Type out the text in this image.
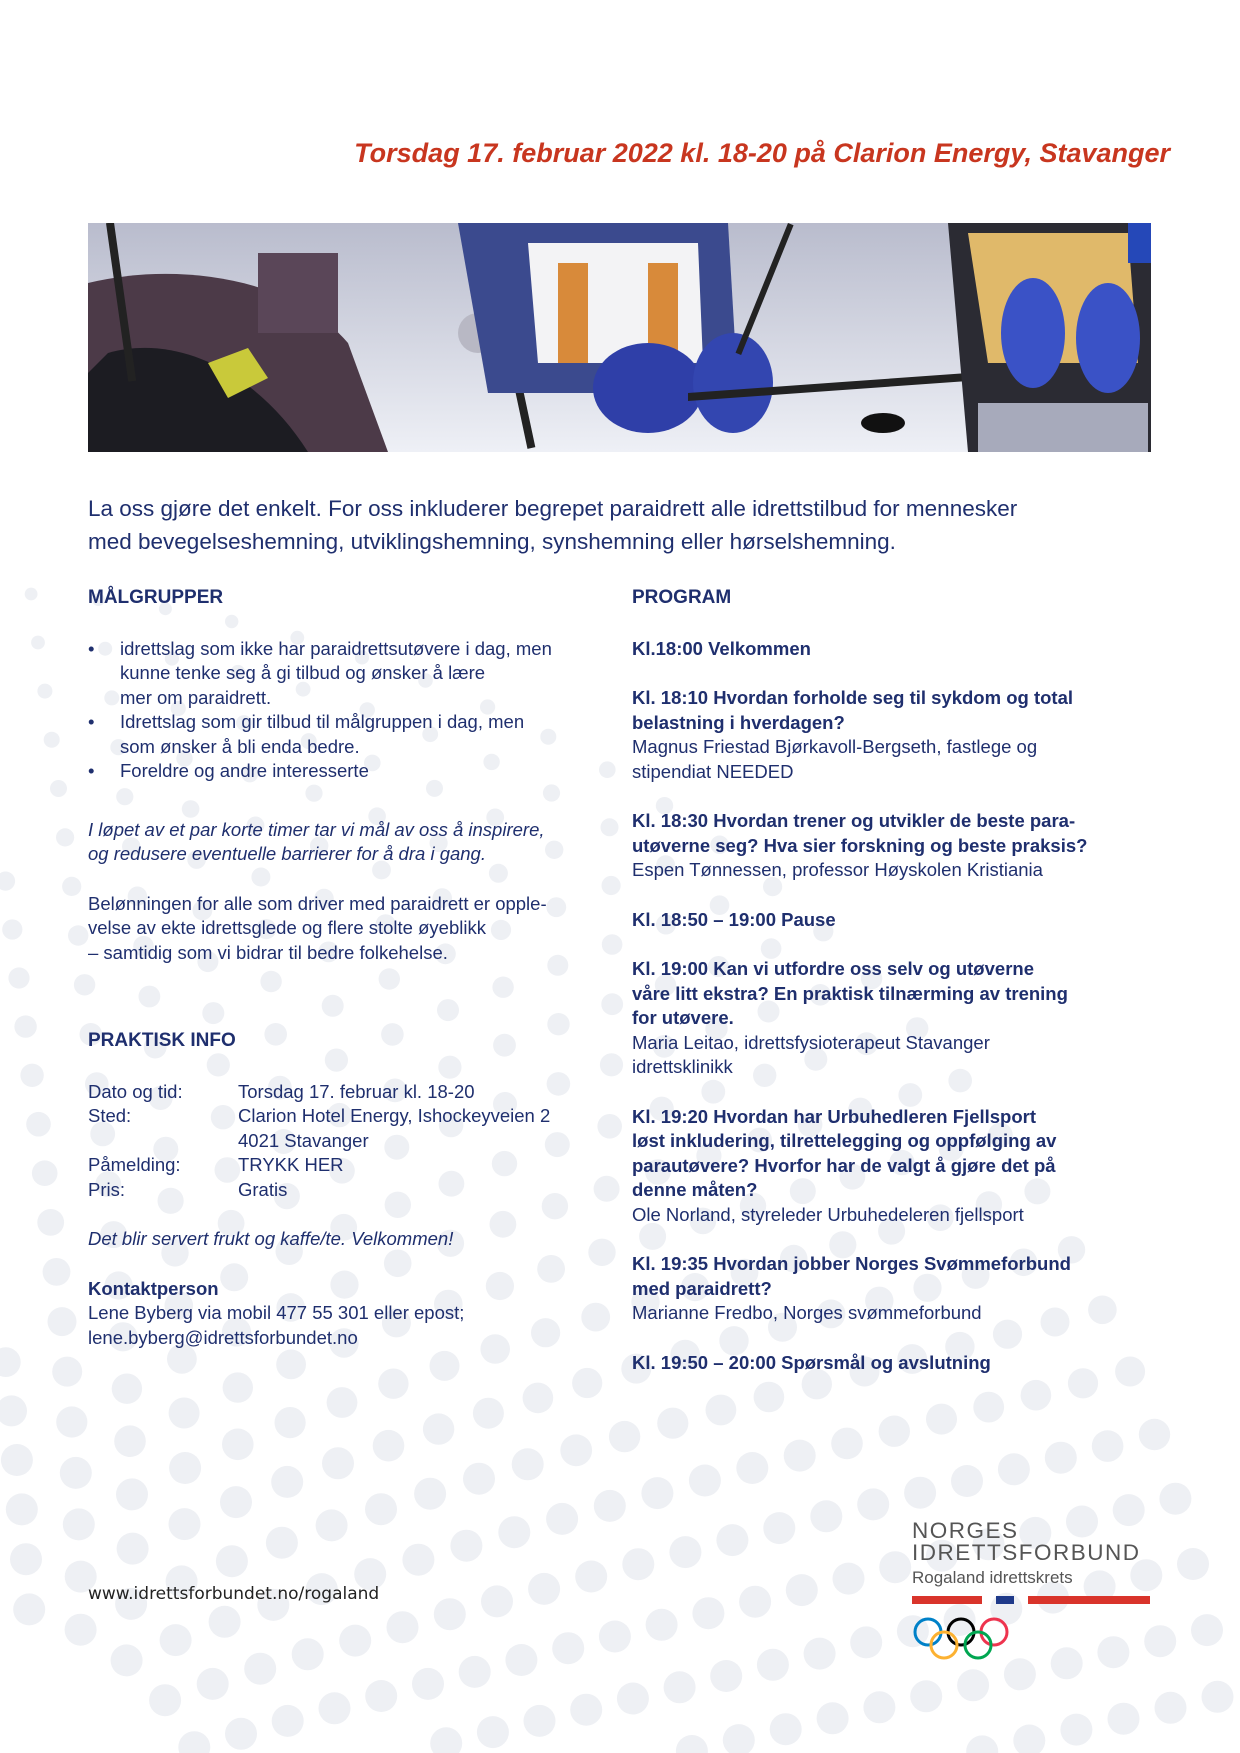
Torsdag 17. februar 2022 kl. 18-20 på Clarion Energy, Stavanger
La oss gjøre det enkelt. For oss inkluderer begrepet paraidrett alle idrettstilbud for mennesker
med bevegelseshemning, utviklingshemning, synshemning eller hørselshemning.
MÅLGRUPPER
• idrettslag som ikke har paraidrettsutøvere i dag, men
kunne tenke seg å gi tilbud og ønsker å lære
mer om paraidrett.
• Idrettslag som gir tilbud til målgruppen i dag, men
som ønsker å bli enda bedre.
• Foreldre og andre interesserte
I løpet av et par korte timer tar vi mål av oss å inspirere,
og redusere eventuelle barrierer for å dra i gang.
Belønningen for alle som driver med paraidrett er opple-
velse av ekte idrettsglede og flere stolte øyeblikk
– samtidig som vi bidrar til bedre folkehelse.
PRAKTISK INFO
Dato og tid:	Torsdag 17. februar kl. 18-20
Sted:	Clarion Hotel Energy, Ishockeyveien 2
4021 Stavanger
Påmelding:	TRYKK HER
Pris:	Gratis
Det blir servert frukt og kaffe/te. Velkommen!
Kontaktperson
Lene Byberg via mobil 477 55 301 eller epost;
lene.byberg@idrettsforbundet.no
PROGRAM
Kl.18:00 Velkommen
Kl. 18:10 Hvordan forholde seg til sykdom og total
belastning i hverdagen?
Magnus Friestad Bjørkavoll-Bergseth, fastlege og
stipendiat NEEDED
Kl. 18:30 Hvordan trener og utvikler de beste para-
utøverne seg? Hva sier forskning og beste praksis?
Espen Tønnessen, professor Høyskolen Kristiania
Kl. 18:50 – 19:00 Pause
Kl. 19:00 Kan vi utfordre oss selv og utøverne
våre litt ekstra? En praktisk tilnærming av trening
for utøvere.
Maria Leitao, idrettsfysioterapeut Stavanger
idrettsklinikk
Kl. 19:20 Hvordan har Urbuhedleren Fjellsport
løst inkludering, tilrettelegging og oppfølging av
parautøvere? Hvorfor har de valgt å gjøre det på
denne måten?
Ole Norland, styreleder Urbuhedeleren fjellsport
Kl. 19:35 Hvordan jobber Norges Svømmeforbund
med paraidrett?
Marianne Fredbo, Norges svømmeforbund
Kl. 19:50 – 20:00 Spørsmål og avslutning
www.idrettsforbundet.no/rogaland
NORGES
IDRETTSFORBUND
Rogaland idrettskrets
